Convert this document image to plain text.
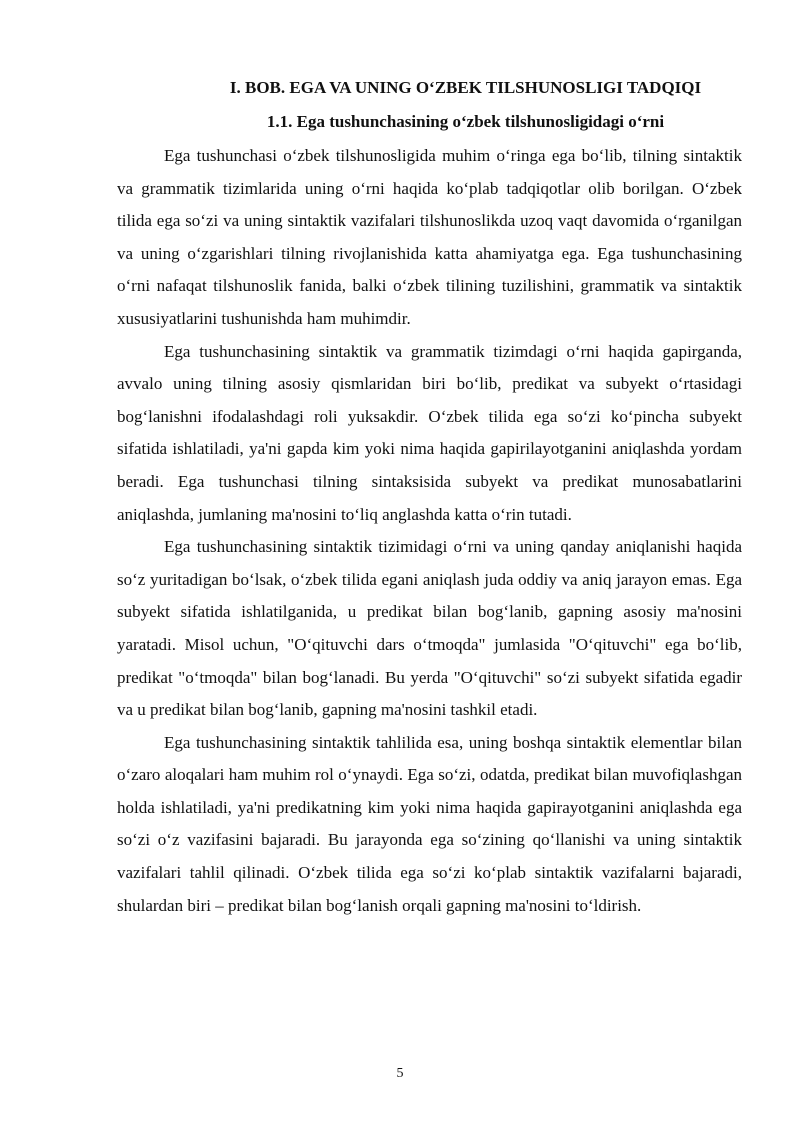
I. BOB. EGA VA UNING O‘ZBEK TILSHUNOSLIGI TADQIQI
1.1. Ega tushunchasining o‘zbek tilshunosligidagi o‘rni

Ega tushunchasi o‘zbek tilshunosligida muhim o‘ringa ega bo‘lib, tilning sintaktik va grammatik tizimlarida uning o‘rni haqida ko‘plab tadqiqotlar olib borilgan. O‘zbek tilida ega so‘zi va uning sintaktik vazifalari tilshunoslikda uzoq vaqt davomida o‘rganilgan va uning o‘zgarishlari tilning rivojlanishida katta ahamiyatga ega. Ega tushunchasining o‘rni nafaqat tilshunoslik fanida, balki o‘zbek tilining tuzilishini, grammatik va sintaktik xususiyatlarini tushunishda ham muhimdir.

Ega tushunchasining sintaktik va grammatik tizimdagi o‘rni haqida gapirganda, avvalo uning tilning asosiy qismlaridan biri bo‘lib, predikat va subyekt o‘rtasidagi bog‘lanishni ifodalashdagi roli yuksakdir. O‘zbek tilida ega so‘zi ko‘pincha subyekt sifatida ishlatiladi, ya'ni gapda kim yoki nima haqida gapirilayotganini aniqlashda yordam beradi. Ega tushunchasi tilning sintaksisida subyekt va predikat munosabatlarini aniqlashda, jumlaning ma'nosini to‘liq anglashda katta o‘rin tutadi.

Ega tushunchasining sintaktik tizimidagi o‘rni va uning qanday aniqlanishi haqida so‘z yuritadigan bo‘lsak, o‘zbek tilida egani aniqlash juda oddiy va aniq jarayon emas. Ega subyekt sifatida ishlatilganida, u predikat bilan bog‘lanib, gapning asosiy ma'nosini yaratadi. Misol uchun, "O‘qituvchi dars o‘tmoqda" jumlasida "O‘qituvchi" ega bo‘lib, predikat "o‘tmoqda" bilan bog‘lanadi. Bu yerda "O‘qituvchi" so‘zi subyekt sifatida egadir va u predikat bilan bog‘lanib, gapning ma'nosini tashkil etadi.

Ega tushunchasining sintaktik tahlilida esa, uning boshqa sintaktik elementlar bilan o‘zaro aloqalari ham muhim rol o‘ynaydi. Ega so‘zi, odatda, predikat bilan muvofiqlashgan holda ishlatiladi, ya'ni predikatning kim yoki nima haqida gapirayotganini aniqlashda ega so‘zi o‘z vazifasini bajaradi. Bu jarayonda ega so‘zining qo‘llanishi va uning sintaktik vazifalari tahlil qilinadi. O‘zbek tilida ega so‘zi ko‘plab sintaktik vazifalarni bajaradi, shulardan biri – predikat bilan bog‘lanish orqali gapning ma'nosini to‘ldirish.

5
